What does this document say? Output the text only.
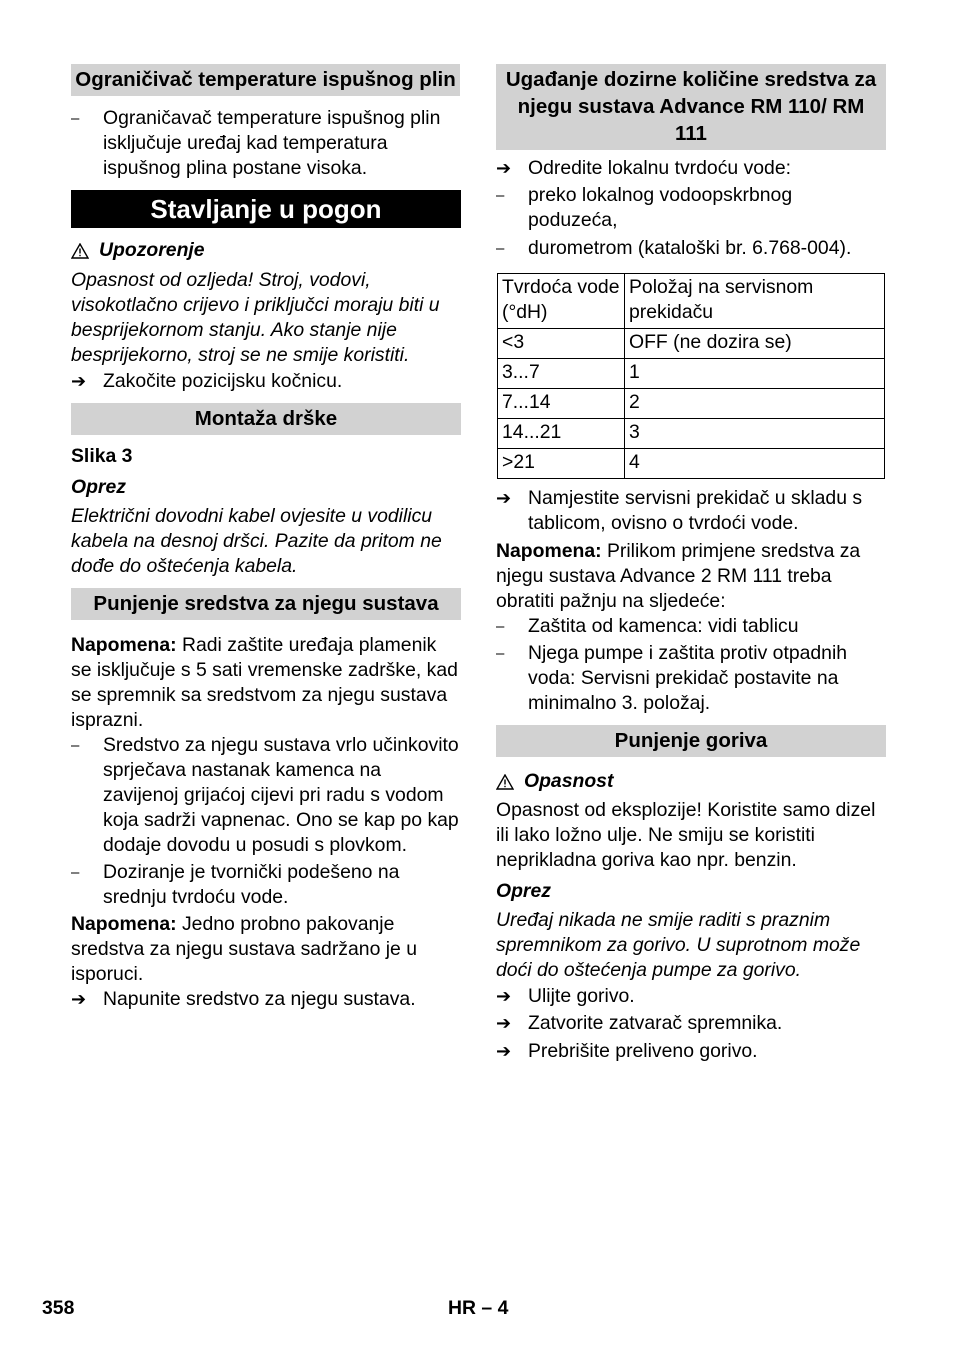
Ograničivač temperature ispušnog plin
– Ograničavač temperature ispušnog plin isključuje uređaj kad temperatura ispušnog plina postane visoka.
Stavljanje u pogon
Upozorenje
Opasnost od ozljeda! Stroj, vodovi, visokotlačno crijevo i priključci moraju biti u besprijekornom stanju. Ako stanje nije besprijekorno, stroj se ne smije koristiti.
➔ Zakočite pozicijsku kočnicu.
Montaža drške
Slika 3
Oprez
Električni dovodni kabel ovjesite u vodilicu kabela na desnoj dršci. Pazite da pritom ne dođe do oštećenja kabela.
Punjenje sredstva za njegu sustava
Napomena: Radi zaštite uređaja plamenik se isključuje s 5 sati vremenske zadrške, kad se spremnik sa sredstvom za njegu sustava isprazni.
– Sredstvo za njegu sustava vrlo učinkovito sprječava nastanak kamenca na zavijenoj grijaćoj cijevi pri radu s vodom koja sadrži vapnenac. Ono se kap po kap dodaje dovodu u posudi s plovkom.
– Doziranje je tvornički podešeno na srednju tvrdoću vode.
Napomena: Jedno probno pakovanje sredstva za njegu sustava sadržano je u isporuci.
➔ Napunite sredstvo za njegu sustava.
Ugađanje dozirne količine sredstva za njegu sustava Advance RM 110/ RM 111
➔ Odredite lokalnu tvrdoću vode:
– preko lokalnog vodoopskrbnog poduzeća,
– durometrom (kataloški br. 6.768-004).
Tvrdoća vode (°dH)	Položaj na servisnom prekidaču
<3	OFF (ne dozira se)
3...7	1
7...14	2
14...21	3
>21	4
➔ Namjestite servisni prekidač u skladu s tablicom, ovisno o tvrdoći vode.
Napomena: Prilikom primjene sredstva za njegu sustava Advance 2 RM 111 treba obratiti pažnju na sljedeće:
– Zaštita od kamenca: vidi tablicu
– Njega pumpe i zaštita protiv otpadnih voda: Servisni prekidač postavite na minimalno 3. položaj.
Punjenje goriva
Opasnost
Opasnost od eksplozije! Koristite samo dizel ili lako ložno ulje. Ne smiju se koristiti neprikladna goriva kao npr. benzin.
Oprez
Uređaj nikada ne smije raditi s praznim spremnikom za gorivo. U suprotnom može doći do oštećenja pumpe za gorivo.
➔ Ulijte gorivo.
➔ Zatvorite zatvarač spremnika.
➔ Prebrišite preliveno gorivo.
358	HR – 4
